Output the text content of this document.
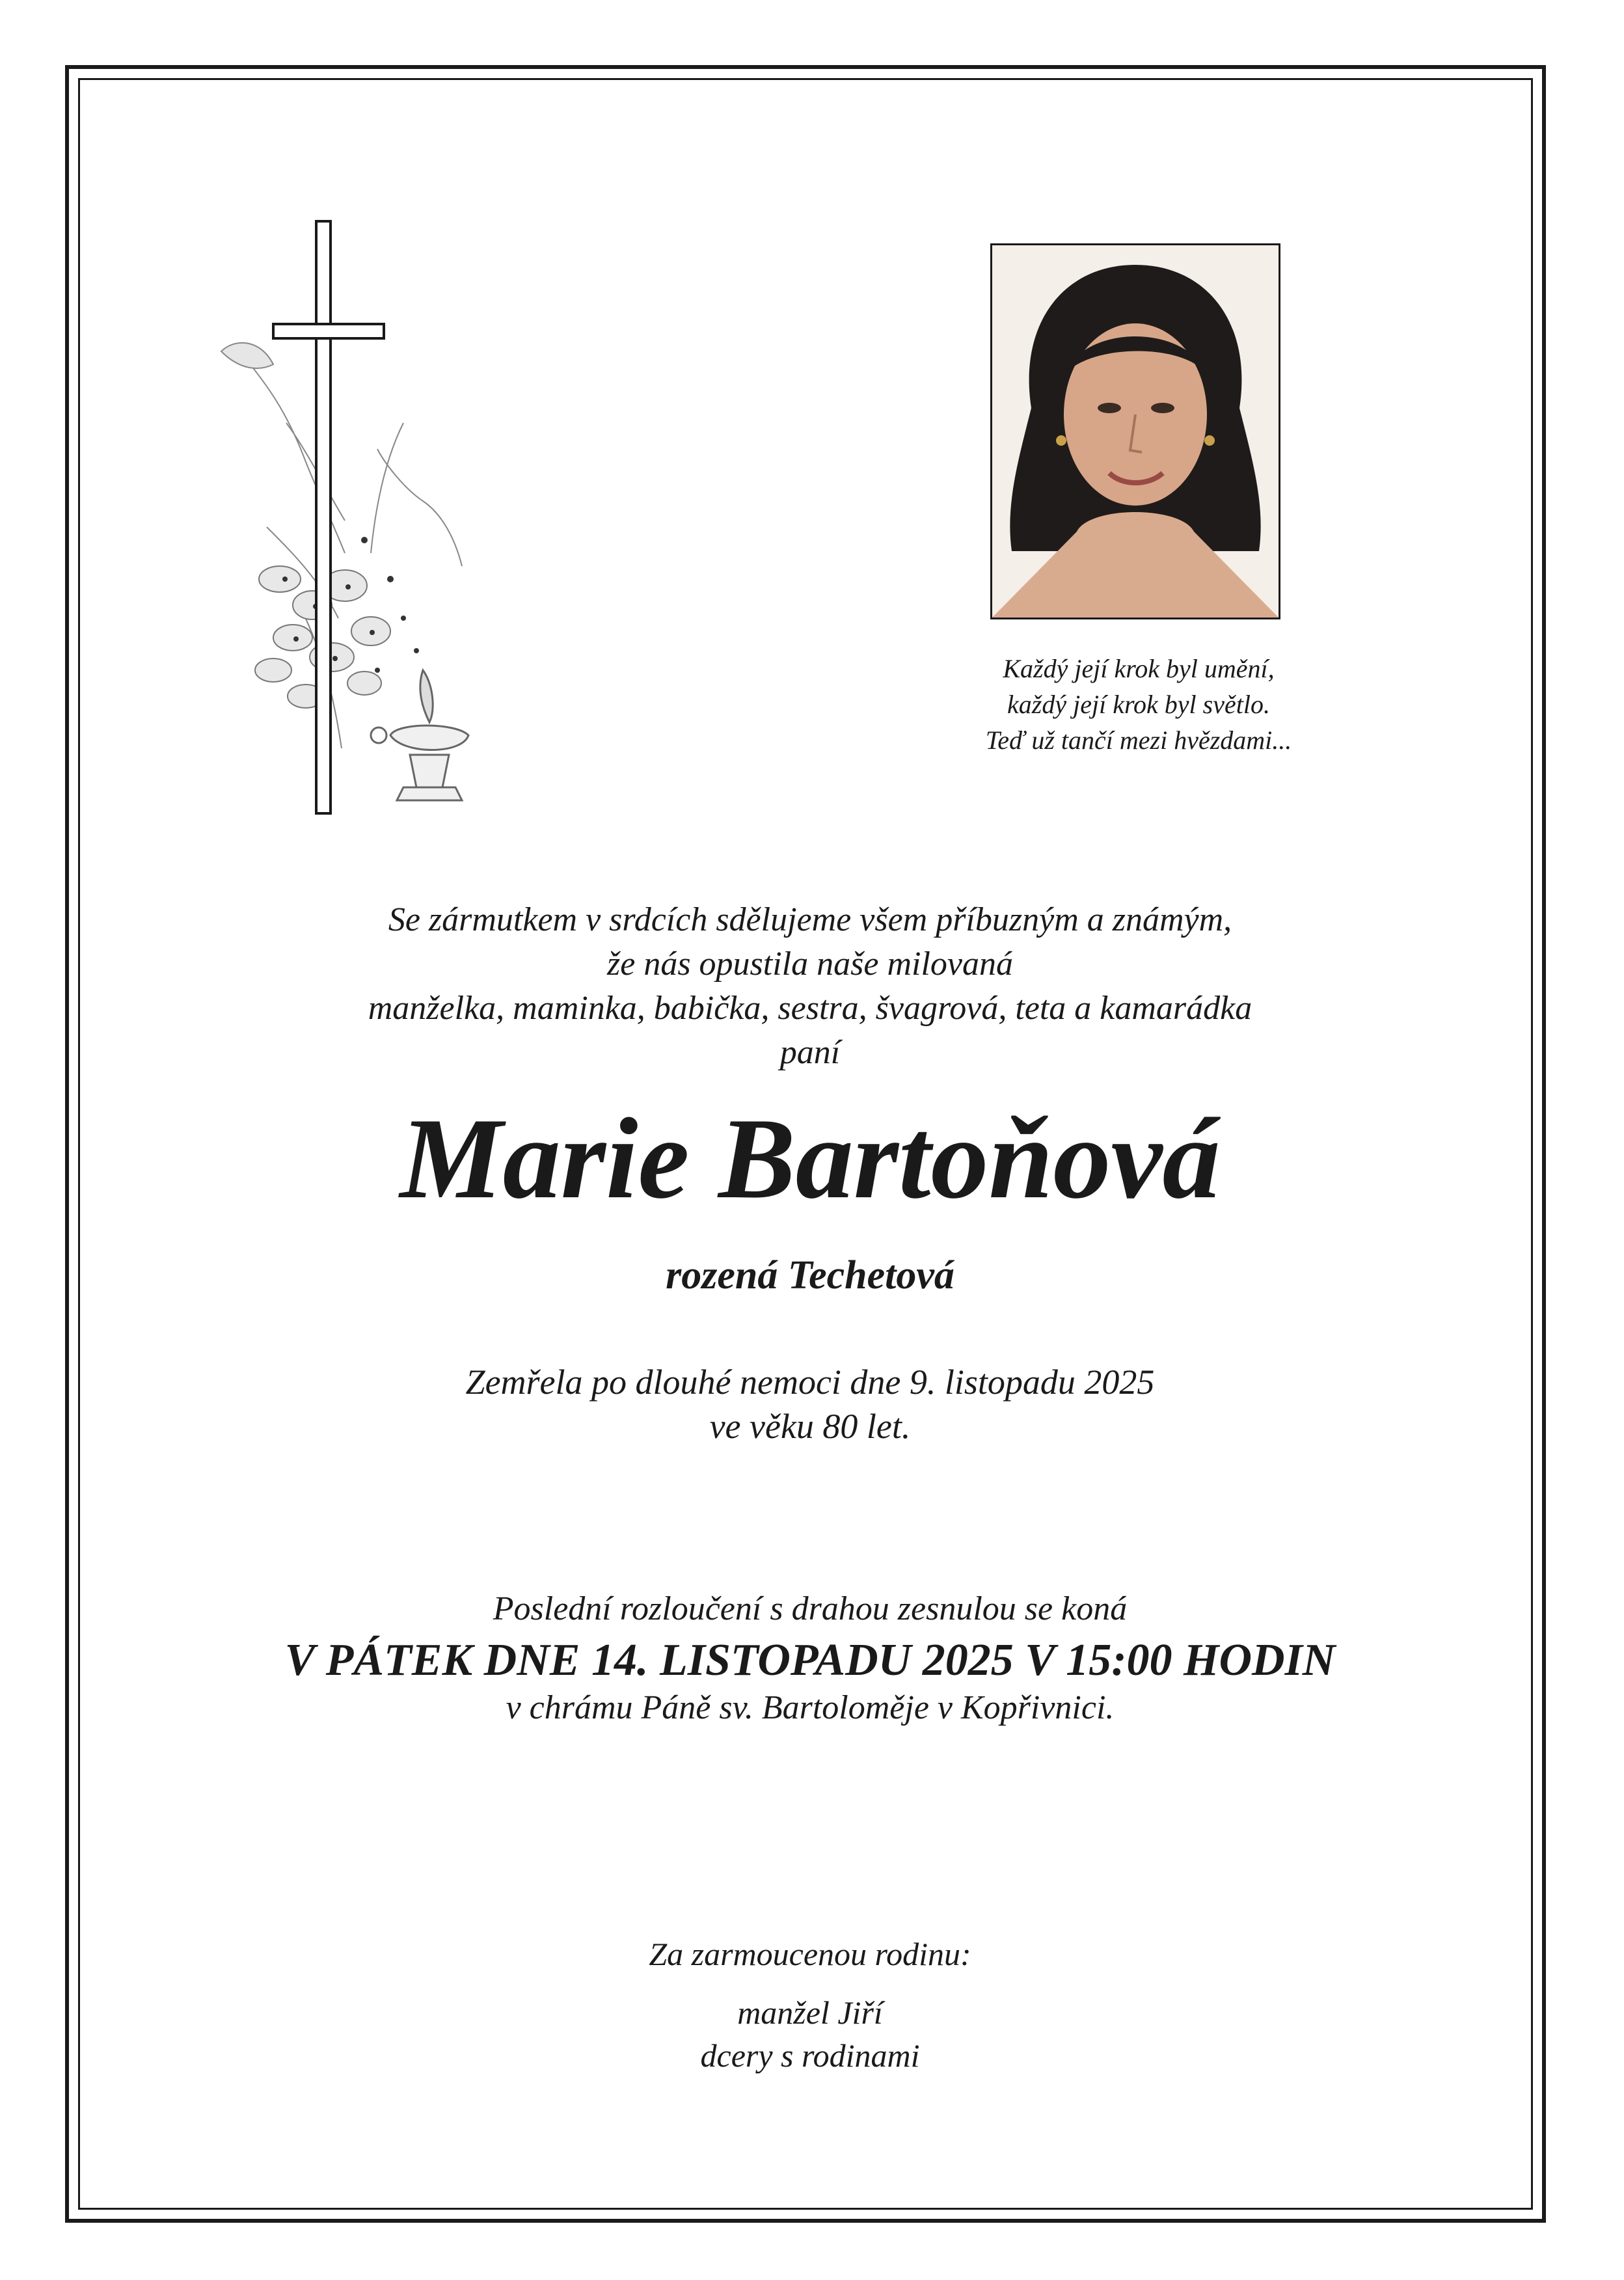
Každý její krok byl umění,
každý její krok byl světlo.
Teď už tančí mezi hvězdami...
Se zármutkem v srdcích sdělujeme všem příbuzným a známým,
že nás opustila naše milovaná
manželka, maminka, babička, sestra, švagrová, teta a kamarádka
paní
Marie Bartoňová
rozená Techetová
Zemřela po dlouhé nemoci dne 9. listopadu 2025
ve věku 80 let.
Poslední rozloučení s drahou zesnulou se koná
V PÁTEK DNE 14. LISTOPADU 2025 V 15:00 HODIN
v chrámu Páně sv. Bartoloměje v Kopřivnici.
Za zarmoucenou rodinu:
manžel Jiří
dcery s rodinami
